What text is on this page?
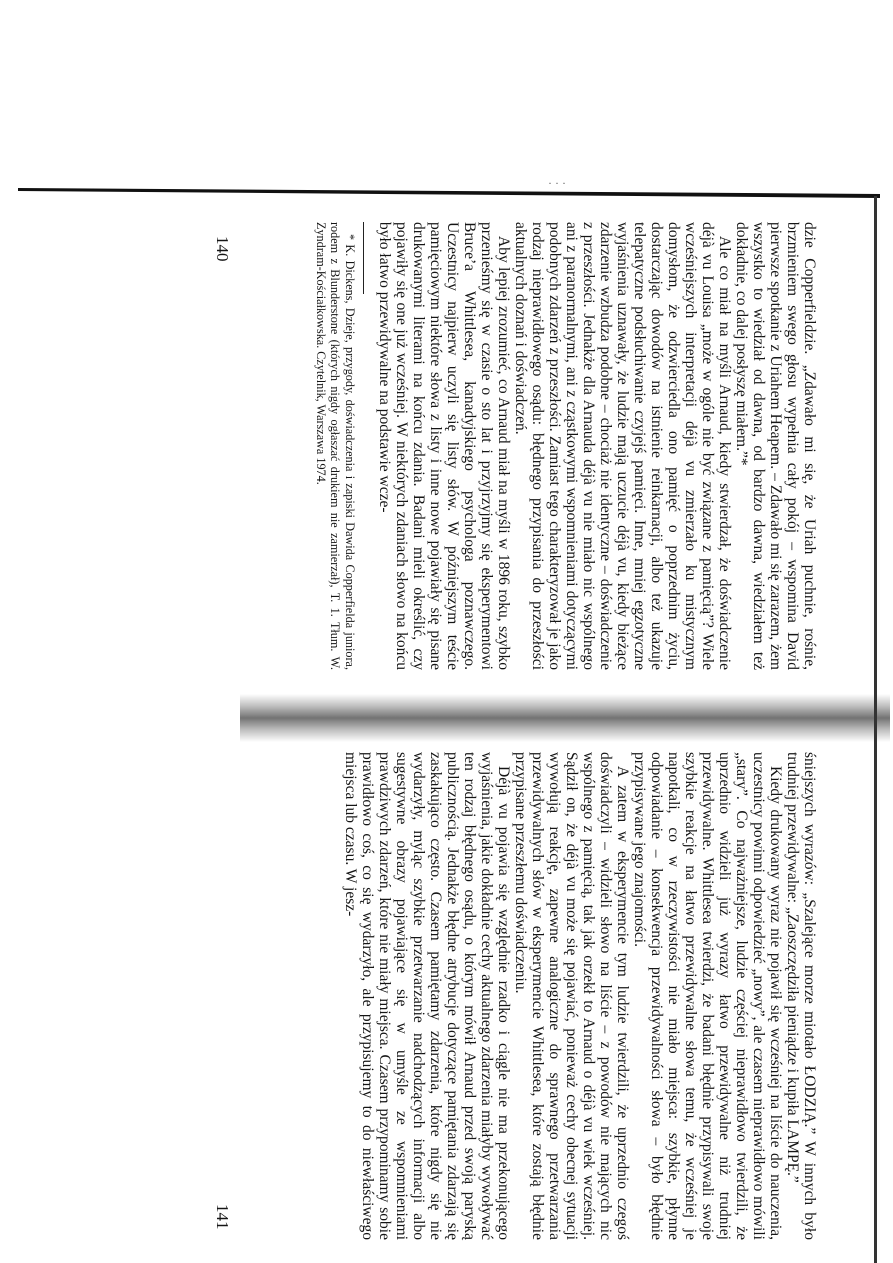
· · ·

dzie Copperfieldzie. „Zdawało mi się, że Uriah puchnie, rośnie, brzmieniem swego głosu wypełnia cały pokój – wspomina David pierwsze spotkanie z Uriahem Heapem. – Zdawało mi się zarazem, żem wszystko to wiedział od dawna, od bardzo dawna, wiedziałem też dokładnie, co dalej posłyszę miałem.”*

Ale co miał na myśli Arnaud, kiedy stwierdzał, że doświadczenie déjà vu Louisa „może w ogóle nie być związane z pamięcią”? Wiele wcześniejszych interpretacji déjà vu zmierzało ku mistycznym domysłom, że odzwierciedla ono pamięć o poprzednim życiu, dostarczając dowodów na istnienie reinkarnacji, albo też ukazuje telepatyczne podsłuchiwanie czyjejś pamięci. Inne, mniej egzotyczne wyjaśnienia uznawały, że ludzie mają uczucie déjà vu, kiedy bieżące zdarzenie wzbudza podobne – chociaż nie identyczne – doświadczenie z przeszłości. Jednakże dla Arnauda déjà vu nie miało nic wspólnego ani z paranormalnymi, ani z cząstkowymi wspomnieniami dotyczącymi podobnych zdarzeń z przeszłości. Zamiast tego charakteryzował je jako rodzaj nieprawidłowego osądu: błędnego przypisania do przeszłości aktualnych doznań i doświadczeń.

Aby lepiej zrozumieć, co Arnaud miał na myśli w 1896 roku, szybko przenieśmy się w czasie o sto lat i przyjrzyjmy się eksperymentowi Bruce’a Whittlesea, kanadyjskiego psychologa poznawczego. Uczestnicy najpierw uczyli się listy słów. W późniejszym teście pamięciowym niektóre słowa z listy i inne nowe pojawiały się pisane drukowanymi literami na końcu zdania. Badani mieli określić, czy pojawiły się one już wcześniej. W niektórych zdaniach słowo na końcu było łatwo przewidywalne na podstawie wcze-

* K. Dickens, Dzieje, przygody, doświadczenia i zapiski Dawida Copperfielda juniora, rodem z Blunderstone (których nigdy ogłaszać drukiem nie zamierzał), T. 1. Tłum. W. Zyndram-Kościałkowska. Czytelnik, Warszawa 1974.

140

śniejszych wyrazów: „Szalejące morze miotało ŁODZIĄ.” W innych było trudniej przewidywalne: „Zaoszczędziła pieniądze i kupiła LAMPĘ.”

Kiedy drukowany wyraz nie pojawił się wcześniej na liście do nauczenia, uczestnicy powinni odpowiedzieć „nowy”, ale czasem nieprawidłowo mówili „stary”. Co najważniejsze, ludzie częściej nieprawidłowo twierdzili, że uprzednio widzieli już wyrazy łatwo przewidywalne niż trudniej przewidywalne. Whittlesea twierdzi, że badani błędnie przypisywali swoje szybkie reakcje na łatwo przewidywalne słowa temu, że wcześniej je napotkali, co w rzeczywistości nie miało miejsca: szybkie, płynne odpowiadanie – konsekwencja przewidywalności słowa – było błędnie przypisywane jego znajomości.

A zatem w eksperymencie tym ludzie twierdzili, że uprzednio czegoś doświadczyli – widzieli słowo na liście – z powodów nie mających nic wspólnego z pamięcią, tak jak orzekł to Arnaud o déjà vu wiek wcześniej. Sądził on, że déjà vu może się pojawiać, ponieważ cechy obecnej sytuacji wywołują reakcję, zapewne analogiczne do sprawnego przetwarzania przewidywalnych słów w eksperymencie Whittlesea, które zostają błędnie przypisane przeszłemu doświadczeniu.

Déjà vu pojawia się względnie rzadko i ciągle nie ma przekonującego wyjaśnienia, jakie dokładnie cechy aktualnego zdarzenia miałyby wywoływać ten rodzaj błędnego osądu, o którym mówił Arnaud przed swoją paryską publicznością. Jednakże błędne atrybucje dotyczące pamiętania zdarzają się zaskakująco często. Czasem pamiętamy zdarzenia, które nigdy się nie wydarzyły, myląc szybkie przetwarzanie nadchodzących informacji albo sugestywne obrazy pojawiające się w umyśle ze wspomnieniami prawdziwych zdarzeń, które nie miały miejsca. Czasem przypominamy sobie prawidłowo coś, co się wydarzyło, ale przypisujemy to do niewłaściwego miejsca lub czasu. W jesz-

141
